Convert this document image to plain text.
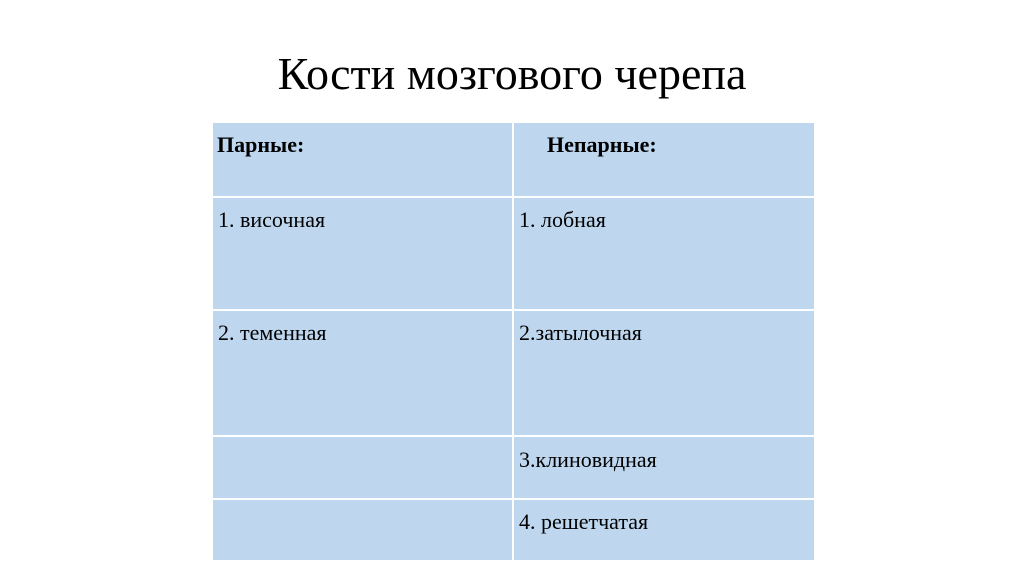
Кости мозгового черепа
Парные:	Непарные:

1. височная	1. лобная

2. теменная	2.затылочная

	3.клиновидная

	4. решетчатая
